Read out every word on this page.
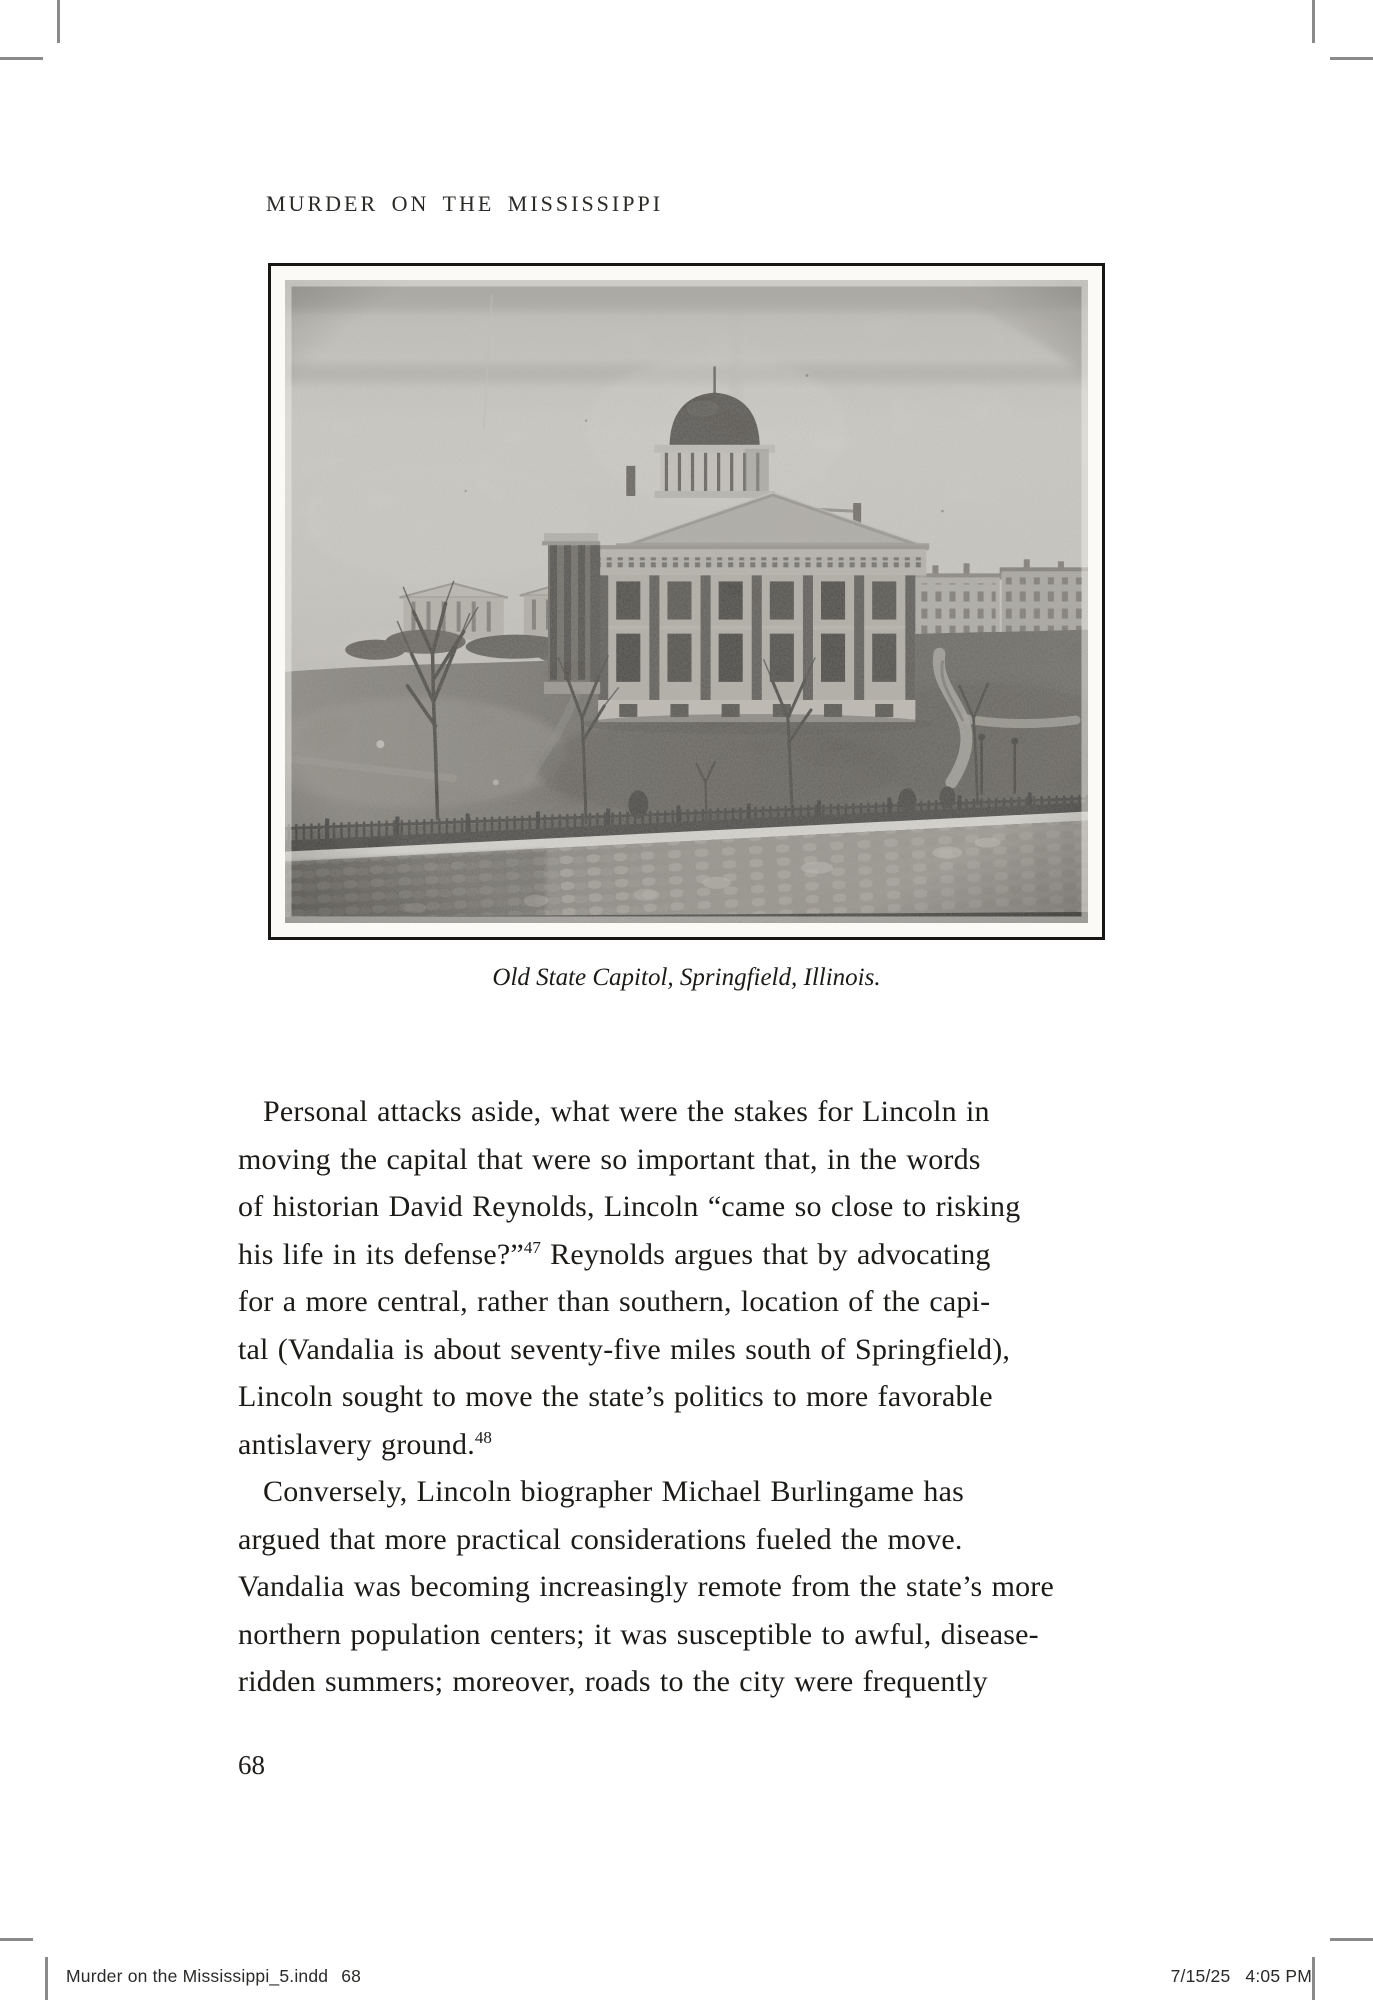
MURDER ON THE MISSISSIPPI
Old State Capitol, Springfield, Illinois.
Personal attacks aside, what were the stakes for Lincoln in
moving the capital that were so important that, in the words
of historian David Reynolds, Lincoln “came so close to risking
his life in its defense?”$^{47}$ Reynolds argues that by advocating
for a more central, rather than southern, location of the capi-
tal (Vandalia is about seventy-five miles south of Springfield),
Lincoln sought to move the state’s politics to more favorable
antislavery ground.$^{48}$
Conversely, Lincoln biographer Michael Burlingame has
argued that more practical considerations fueled the move.
Vandalia was becoming increasingly remote from the state’s more
northern population centers; it was susceptible to awful, disease-
ridden summers; moreover, roads to the city were frequently
68
Murder on the Mississippi_5.indd 68	7/15/25 4:05 PM
